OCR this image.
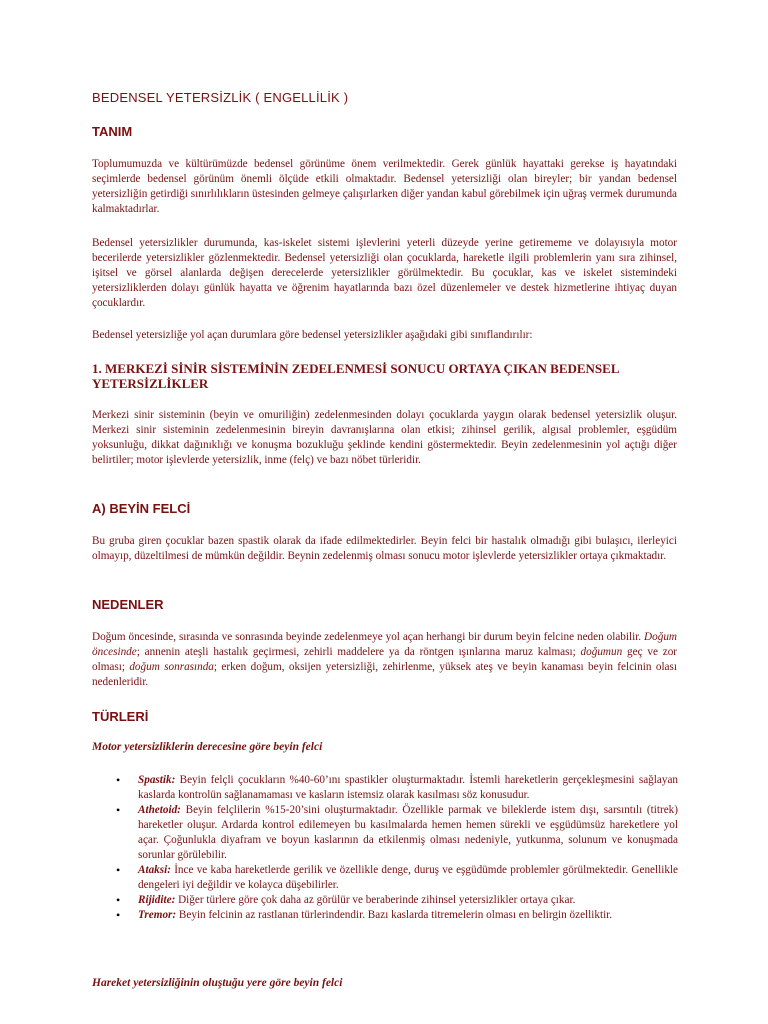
BEDENSEL YETERSİZLİK ( ENGELLİLİK )
TANIM

Toplumumuzda ve kültürümüzde bedensel görünüme önem verilmektedir. Gerek günlük hayattaki gerekse iş hayatındaki seçimlerde bedensel görünüm önemli ölçüde etkili olmaktadır. Bedensel yetersizliği olan bireyler; bir yandan bedensel yetersizliğin getirdiği sınırlılıkların üstesinden gelmeye çalışırlarken diğer yandan kabul görebilmek için uğraş vermek durumunda kalmaktadırlar.

Bedensel yetersizlikler durumunda, kas-iskelet sistemi işlevlerini yeterli düzeyde yerine getirememe ve dolayısıyla motor becerilerde yetersizlikler gözlenmektedir. Bedensel yetersizliği olan çocuklarda, hareketle ilgili problemlerin yanı sıra zihinsel, işitsel ve görsel alanlarda değişen derecelerde yetersizlikler görülmektedir. Bu çocuklar, kas ve iskelet sistemindeki yetersizliklerden dolayı günlük hayatta ve öğrenim hayatlarında bazı özel düzenlemeler ve destek hizmetlerine ihtiyaç duyan çocuklardır.

Bedensel yetersizliğe yol açan durumlara göre bedensel yetersizlikler aşağıdaki gibi sınıflandırılır:

1. MERKEZİ SİNİR SİSTEMİNİN ZEDELENMESİ SONUCU ORTAYA ÇIKAN BEDENSEL YETERSİZLİKLER

Merkezi sinir sisteminin (beyin ve omuriliğin) zedelenmesinden dolayı çocuklarda yaygın olarak bedensel yetersizlik oluşur. Merkezi sinir sisteminin zedelenmesinin bireyin davranışlarına olan etkisi; zihinsel gerilik, algısal problemler, eşgüdüm yoksunluğu, dikkat dağınıklığı ve konuşma bozukluğu şeklinde kendini göstermektedir. Beyin zedelenmesinin yol açtığı diğer belirtiler; motor işlevlerde yetersizlik, inme (felç) ve bazı nöbet türleridir.

A) BEYİN FELCİ

Bu gruba giren çocuklar bazen spastik olarak da ifade edilmektedirler. Beyin felci bir hastalık olmadığı gibi bulaşıcı, ilerleyici olmayıp, düzeltilmesi de mümkün değildir. Beynin zedelenmiş olması sonucu motor işlevlerde yetersizlikler ortaya çıkmaktadır.

NEDENLER

Doğum öncesinde, sırasında ve sonrasında beyinde zedelenmeye yol açan herhangi bir durum beyin felcine neden olabilir. Doğum öncesinde; annenin ateşli hastalık geçirmesi, zehirli maddelere ya da röntgen ışınlarına maruz kalması; doğumun geç ve zor olması; doğum sonrasında; erken doğum, oksijen yetersizliği, zehirlenme, yüksek ateş ve beyin kanaması beyin felcinin olası nedenleridir.

TÜRLERİ

Motor yetersizliklerin derecesine göre beyin felci

• Spastik: Beyin felçli çocukların %40-60’ını spastikler oluşturmaktadır. İstemli hareketlerin gerçekleşmesini sağlayan kaslarda kontrolün sağlanamaması ve kasların istemsiz olarak kasılması söz konusudur.
• Athetoid: Beyin felçlilerin %15-20’sini oluşturmaktadır. Özellikle parmak ve bileklerde istem dışı, sarsıntılı (titrek) hareketler oluşur. Ardarda kontrol edilemeyen bu kasılmalarda hemen hemen sürekli ve eşgüdümsüz hareketlere yol açar. Çoğunlukla diyafram ve boyun kaslarının da etkilenmiş olması nedeniyle, yutkunma, solunum ve konuşmada sorunlar görülebilir.
• Ataksi: İnce ve kaba hareketlerde gerilik ve özellikle denge, duruş ve eşgüdümde problemler görülmektedir. Genellikle dengeleri iyi değildir ve kolayca düşebilirler.
• Rijidite: Diğer türlere göre çok daha az görülür ve beraberinde zihinsel yetersizlikler ortaya çıkar.
• Tremor: Beyin felcinin az rastlanan türlerindendir. Bazı kaslarda titremelerin olması en belirgin özelliktir.

Hareket yetersizliğinin oluştuğu yere göre beyin felci
